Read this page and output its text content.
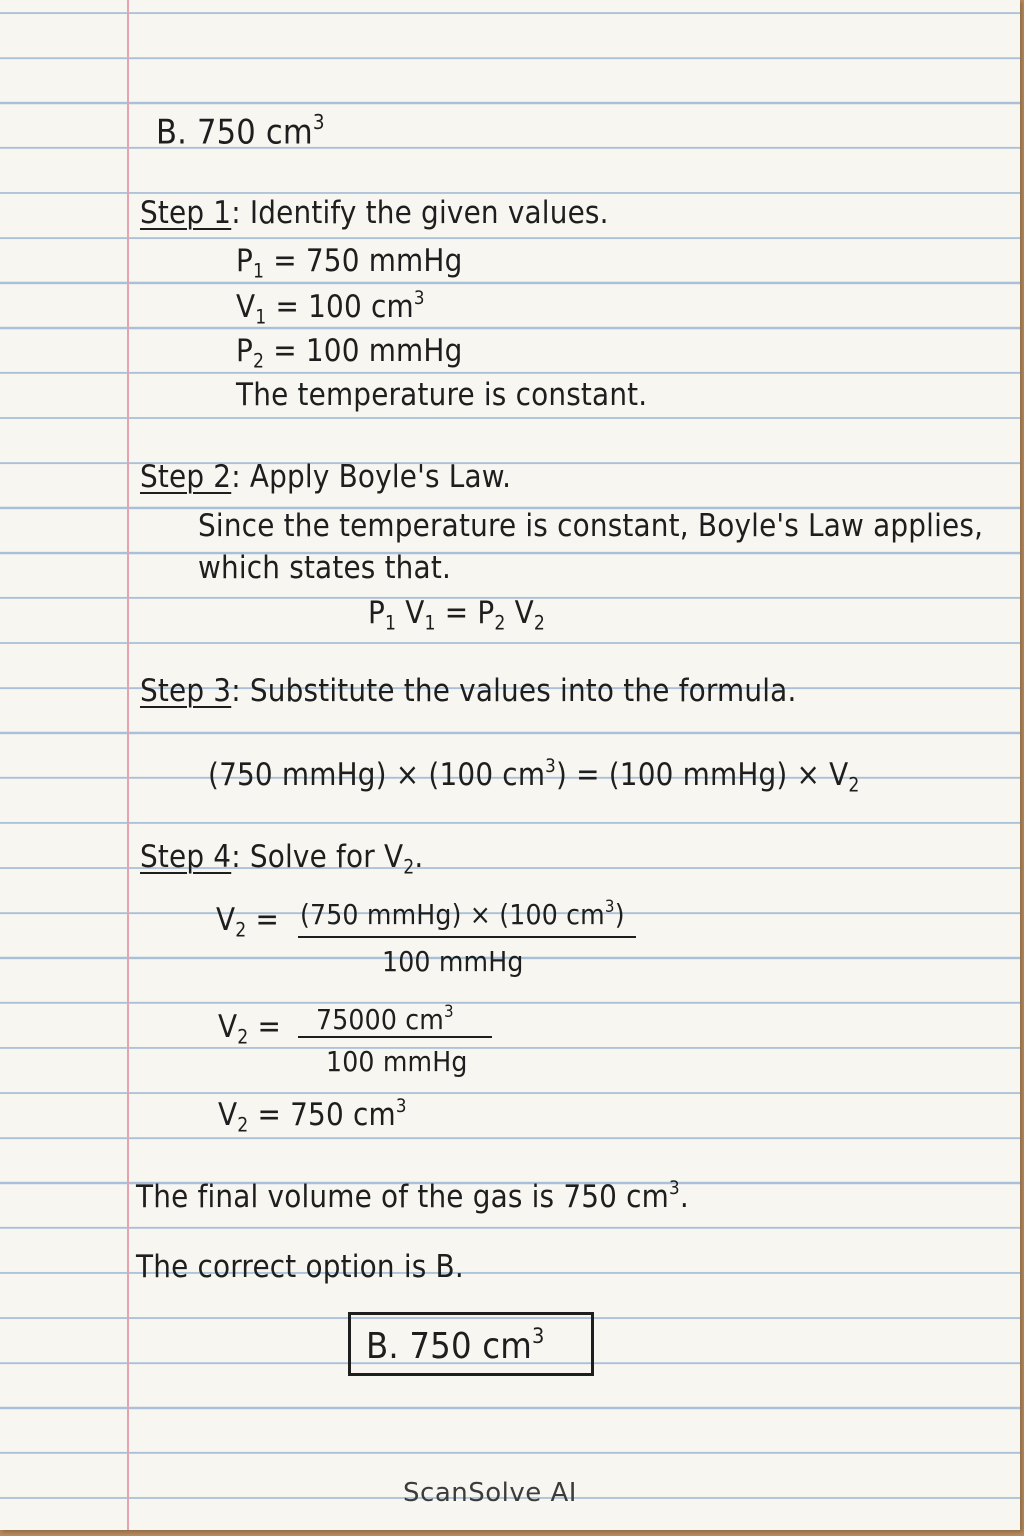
B. 750 $cm^3$
Step 1: Identify the given values.
$P_1 = 750$ mmHg
$V_1 = 100$ $cm^3$
$P_2 = 100$ mmHg
The temperature is constant.
Step 2: Apply Boyle's Law.
Since the temperature is constant, Boyle's Law applies,
which states that.
$P_1$ $V_1 = P_2$ $V_2$
Step 3: Substitute the values into the formula.
(750 mmHg) × (100 $cm^3) = (100$ mmHg) × $V_2$
Step 4: Solve for $V_2$.
$V_2 = (750$ mmHg) × (100 $cm^3$)
100 mmHg
$V_2 = 75000$ $cm^3$
100 mmHg
$V_2 = 750$ $cm^3$
The final volume of the gas is 750 $cm^3$.
The correct option is B.
B. 750 $cm^3$
ScanSolve AI
